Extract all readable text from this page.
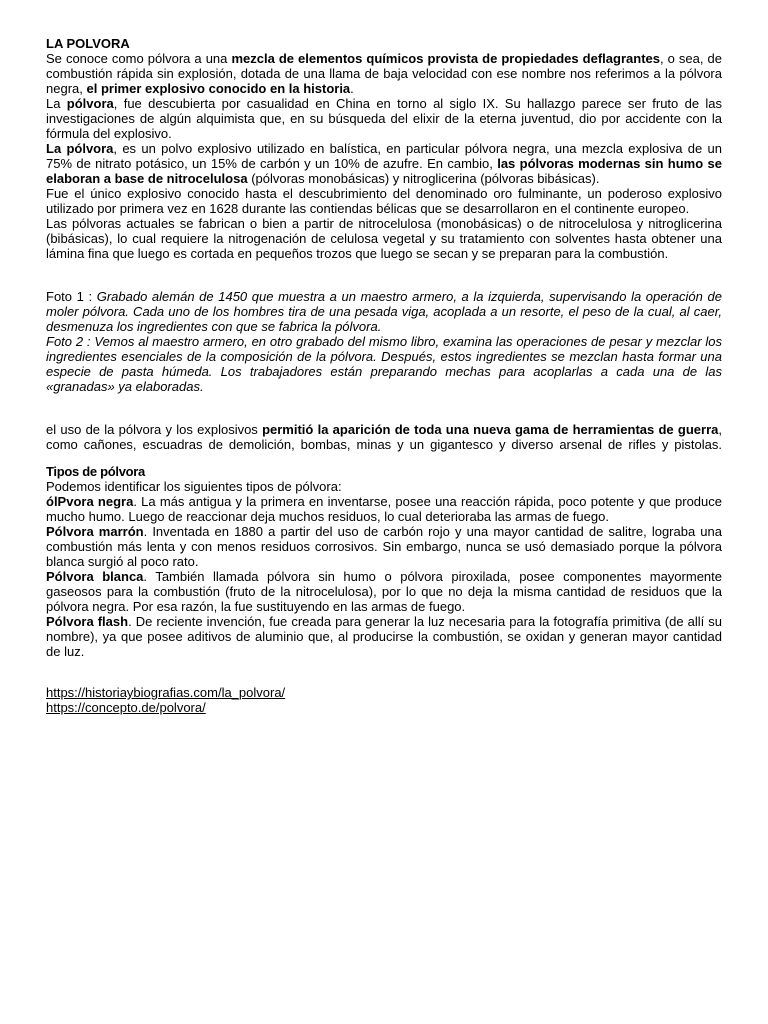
LA POLVORA

Se conoce como pólvora a una mezcla de elementos químicos provista de propiedades deflagrantes, o sea, de combustión rápida sin explosión, dotada de una llama de baja velocidad con ese nombre nos referimos a la pólvora negra, el primer explosivo conocido en la historia.

La pólvora, fue descubierta por casualidad en China en torno al siglo IX. Su hallazgo parece ser fruto de las investigaciones de algún alquimista que, en su búsqueda del elixir de la eterna juventud, dio por accidente con la fórmula del explosivo.

La pólvora, es un polvo explosivo utilizado en balística, en particular pólvora negra, una mezcla explosiva de un 75% de nitrato potásico, un 15% de carbón y un 10% de azufre. En cambio, las pólvoras modernas sin humo se elaboran a base de nitrocelulosa (pólvoras monobásicas) y nitroglicerina (pólvoras bibásicas).

Fue el único explosivo conocido hasta el descubrimiento del denominado oro fulminante, un poderoso explosivo utilizado por primera vez en 1628 durante las contiendas bélicas que se desarrollaron en el continente europeo.

Las pólvoras actuales se fabrican o bien a partir de nitrocelulosa (monobásicas) o de nitrocelulosa y nitroglicerina (bibásicas), lo cual requiere la nitrogenación de celulosa vegetal y su tratamiento con solventes hasta obtener una lámina fina que luego es cortada en pequeños trozos que luego se secan y se preparan para la combustión.

Foto 1 : Grabado alemán de 1450 que muestra a un maestro armero, a la izquierda, supervisando la operación de moler pólvora. Cada uno de los hombres tira de una pesada viga, acoplada a un resorte, el peso de la cual, al caer, desmenuza los ingredientes con que se fabrica la pólvora.

Foto 2 : Vemos al maestro armero, en otro grabado del mismo libro, examina las operaciones de pesar y mezclar los ingredientes esenciales de la composición de la pólvora. Después, estos ingredientes se mezclan hasta formar una especie de pasta húmeda. Los trabajadores están preparando mechas para acoplarlas a cada una de las «granadas» ya elaboradas.

el uso de la pólvora y los explosivos permitió la aparición de toda una nueva gama de herramientas de guerra, como cañones, escuadras de demolición, bombas, minas y un gigantesco y diverso arsenal de rifles y pistolas.

Tipos de pólvora

Podemos identificar los siguientes tipos de pólvora:

ólPvora negra. La más antigua y la primera en inventarse, posee una reacción rápida, poco potente y que produce mucho humo. Luego de reaccionar deja muchos residuos, lo cual deterioraba las armas de fuego.

Pólvora marrón. Inventada en 1880 a partir del uso de carbón rojo y una mayor cantidad de salitre, lograba una combustión más lenta y con menos residuos corrosivos. Sin embargo, nunca se usó demasiado porque la pólvora blanca surgió al poco rato.

Pólvora blanca. También llamada pólvora sin humo o pólvora piroxilada, posee componentes mayormente gaseosos para la combustión (fruto de la nitrocelulosa), por lo que no deja la misma cantidad de residuos que la pólvora negra. Por esa razón, la fue sustituyendo en las armas de fuego.

Pólvora flash. De reciente invención, fue creada para generar la luz necesaria para la fotografía primitiva (de allí su nombre), ya que posee aditivos de aluminio que, al producirse la combustión, se oxidan y generan mayor cantidad de luz.

https://historiaybiografias.com/la_polvora/
https://concepto.de/polvora/
